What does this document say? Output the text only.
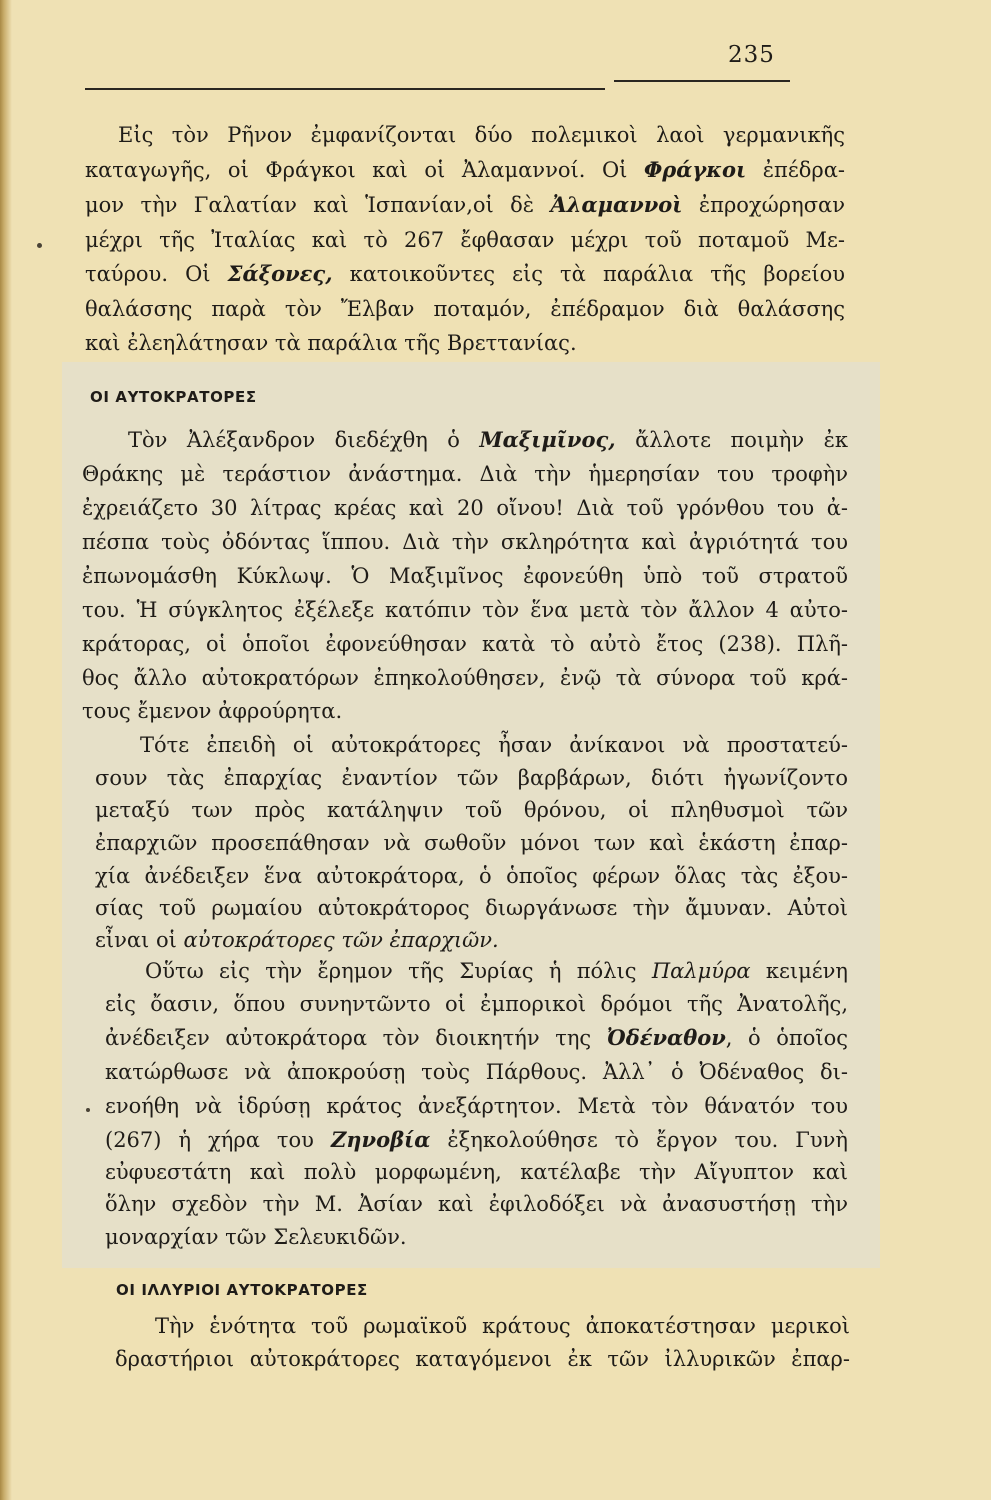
235
Εἰς τὸν Ρῆνον ἐμφανίζονται δύο πολεμικοὶ λαοὶ γερμανικῆς
καταγωγῆς, οἱ Φράγκοι καὶ οἱ Ἀλαμαννοί. Οἱ Φράγκοι ἐπέδρα-
μον τὴν Γαλατίαν καὶ Ἱσπανίαν,οἱ δὲ Ἀλαμαννοὶ ἐπροχώρησαν
μέχρι τῆς Ἰταλίας καὶ τὸ 267 ἔφθασαν μέχρι τοῦ ποταμοῦ Με-
ταύρου. Οἱ Σάξονες, κατοικοῦντες εἰς τὰ παράλια τῆς βορείου
θαλάσσης παρὰ τὸν Ἔλβαν ποταμόν, ἐπέδραμον διὰ θαλάσσης
καὶ ἐλεηλάτησαν τὰ παράλια τῆς Βρεττανίας.
ΟΙ ΑΥΤΟΚΡΑΤΟΡΕΣ
Τὸν Ἀλέξανδρον διεδέχθη ὁ Μαξιμῖνος, ἄλλοτε ποιμὴν ἐκ
Θράκης μὲ τεράστιον ἀνάστημα. Διὰ τὴν ἡμερησίαν του τροφὴν
ἐχρειάζετο 30 λίτρας κρέας καὶ 20 οἴνου! Διὰ τοῦ γρόνθου του ἀ-
πέσπα τοὺς ὀδόντας ἵππου. Διὰ τὴν σκληρότητα καὶ ἀγριότητά του
ἐπωνομάσθη Κύκλωψ. Ὁ Μαξιμῖνος ἐφονεύθη ὑπὸ τοῦ στρατοῦ
του. Ἡ σύγκλητος ἐξέλεξε κατόπιν τὸν ἕνα μετὰ τὸν ἄλλον 4 αὐτο-
κράτορας, οἱ ὁποῖοι ἐφονεύθησαν κατὰ τὸ αὐτὸ ἔτος (238). Πλῆ-
θος ἄλλο αὐτοκρατόρων ἐπηκολούθησεν, ἐνῷ τὰ σύνορα τοῦ κρά-
τους ἔμενον ἀφρούρητα.
Τότε ἐπειδὴ οἱ αὐτοκράτορες ἦσαν ἀνίκανοι νὰ προστατεύ-
σουν τὰς ἐπαρχίας ἐναντίον τῶν βαρβάρων, διότι ἠγωνίζοντο
μεταξύ των πρὸς κατάληψιν τοῦ θρόνου, οἱ πληθυσμοὶ τῶν
ἐπαρχιῶν προσεπάθησαν νὰ σωθοῦν μόνοι των καὶ ἑκάστη ἐπαρ-
χία ἀνέδειξεν ἕνα αὐτοκράτορα, ὁ ὁποῖος φέρων ὅλας τὰς ἐξου-
σίας τοῦ ρωμαίου αὐτοκράτορος διωργάνωσε τὴν ἄμυναν. Αὐτοὶ
εἶναι οἱ αὐτοκράτορες τῶν ἐπαρχιῶν.
Οὕτω εἰς τὴν ἔρημον τῆς Συρίας ἡ πόλις Παλμύρα κειμένη
εἰς ὄασιν, ὅπου συνηντῶντο οἱ ἐμπορικοὶ δρόμοι τῆς Ἀνατολῆς,
ἀνέδειξεν αὐτοκράτορα τὸν διοικητήν της Ὀδέναθον, ὁ ὁποῖος
κατώρθωσε νὰ ἀποκρούσῃ τοὺς Πάρθους. Ἀλλ᾽ ὁ Ὀδέναθος δι-
ενοήθη νὰ ἱδρύσῃ κράτος ἀνεξάρτητον. Μετὰ τὸν θάνατόν του
(267) ἡ χήρα του Ζηνοβία ἐξηκολούθησε τὸ ἔργον του. Γυνὴ
εὐφυεστάτη καὶ πολὺ μορφωμένη, κατέλαβε τὴν Αἴγυπτον καὶ
ὅλην σχεδὸν τὴν Μ. Ἀσίαν καὶ ἐφιλοδόξει νὰ ἀνασυστήσῃ τὴν
μοναρχίαν τῶν Σελευκιδῶν.
ΟΙ ΙΛΛΥΡΙΟΙ ΑΥΤΟΚΡΑΤΟΡΕΣ
Τὴν ἑνότητα τοῦ ρωμαϊκοῦ κράτους ἀποκατέστησαν μερικοὶ
δραστήριοι αὐτοκράτορες καταγόμενοι ἐκ τῶν ἰλλυρικῶν ἐπαρ-
